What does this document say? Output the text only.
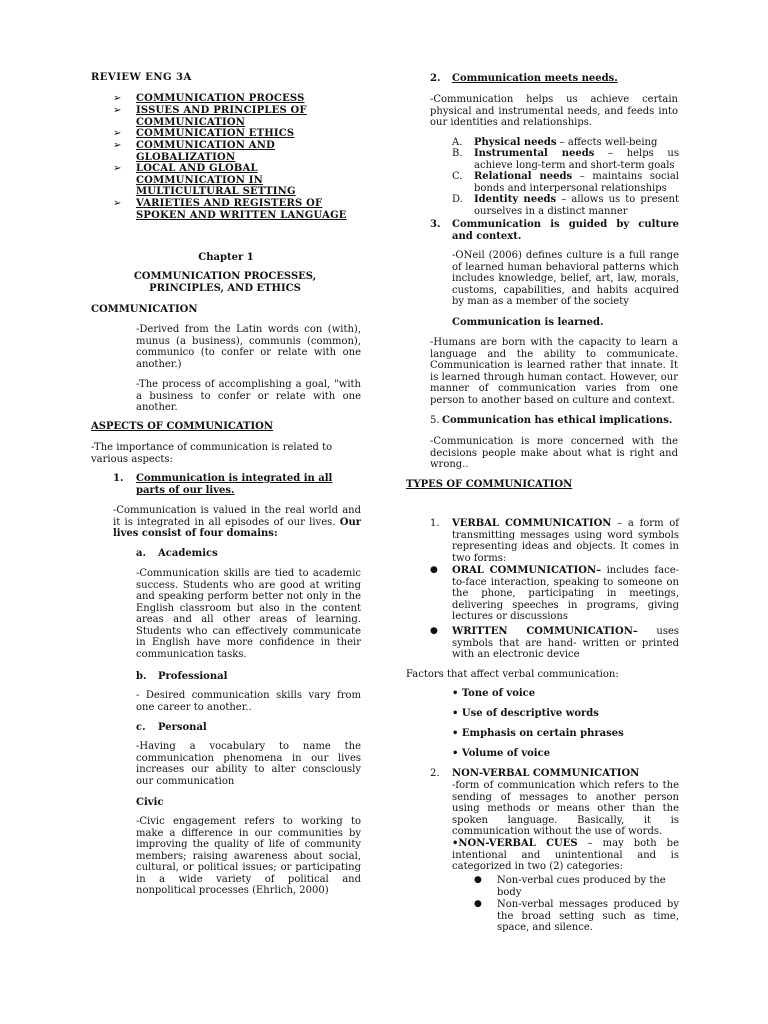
REVIEW ENG 3A
➢ COMMUNICATION PROCESS
➢ ISSUES AND PRINCIPLES OF COMMUNICATION
➢ COMMUNICATION ETHICS
➢ COMMUNICATION AND GLOBALIZATION
➢ LOCAL AND GLOBAL COMMUNICATION IN MULTICULTURAL SETTING
➢ VARIETIES AND REGISTERS OF SPOKEN AND WRITTEN LANGUAGE
Chapter 1
COMMUNICATION PROCESSES, PRINCIPLES, AND ETHICS
COMMUNICATION
-Derived from the Latin words con (with), munus (a business), communis (common), communico (to confer or relate with one another.)
-The process of accomplishing a goal, "with a business to confer or relate with one another.
ASPECTS OF COMMUNICATION
-The importance of communication is related to various aspects:
1. Communication is integrated in all parts of our lives.
-Communication is valued in the real world and it is integrated in all episodes of our lives. Our lives consist of four domains:
a. Academics
-Communication skills are tied to academic success. Students who are good at writing and speaking perform better not only in the English classroom but also in the content areas and all other areas of learning. Students who can effectively communicate in English have more confidence in their communication tasks.
b. Professional
- Desired communication skills vary from one career to another..
c. Personal
-Having a vocabulary to name the communication phenomena in our lives increases our ability to alter consciously our communication
Civic
-Civic engagement refers to working to make a difference in our communities by improving the quality of life of community members; raising awareness about social, cultural, or political issues; or participating in a wide variety of political and nonpolitical processes (Ehrlich, 2000)
2. Communication meets needs.
-Communication helps us achieve certain physical and instrumental needs, and feeds into our identities and relationships.
A. Physical needs – affects well-being
B. Instrumental needs – helps us achieve long-term and short-term goals
C. Relational needs – maintains social bonds and interpersonal relationships
D. Identity needs – allows us to present ourselves in a distinct manner
3. Communication is guided by culture and context.
-ONeil (2006) defines culture is a full range of learned human behavioral patterns which includes knowledge, belief, art, law, morals, customs, capabilities, and habits acquired by man as a member of the society
Communication is learned.
-Humans are born with the capacity to learn a language and the ability to communicate. Communication is learned rather that innate. It is learned through human contact. However, our manner of communication varies from one person to another based on culture and context.
5. Communication has ethical implications.
-Communication is more concerned with the decisions people make about what is right and wrong..
TYPES OF COMMUNICATION
1. VERBAL COMMUNICATION – a form of transmitting messages using word symbols representing ideas and objects. It comes in two forms:
● ORAL COMMUNICATION– includes face-to-face interaction, speaking to someone on the phone, participating in meetings, delivering speeches in programs, giving lectures or discussions
● WRITTEN COMMUNICATION– uses symbols that are hand- written or printed with an electronic device
Factors that affect verbal communication:
• Tone of voice
• Use of descriptive words
• Emphasis on certain phrases
• Volume of voice
2. NON-VERBAL COMMUNICATION
-form of communication which refers to the sending of messages to another person using methods or means other than the spoken language. Basically, it is communication without the use of words.
•NON-VERBAL CUES – may both be intentional and unintentional and is categorized in two (2) categories:
● Non-verbal cues produced by the body
● Non-verbal messages produced by the broad setting such as time, space, and silence.
